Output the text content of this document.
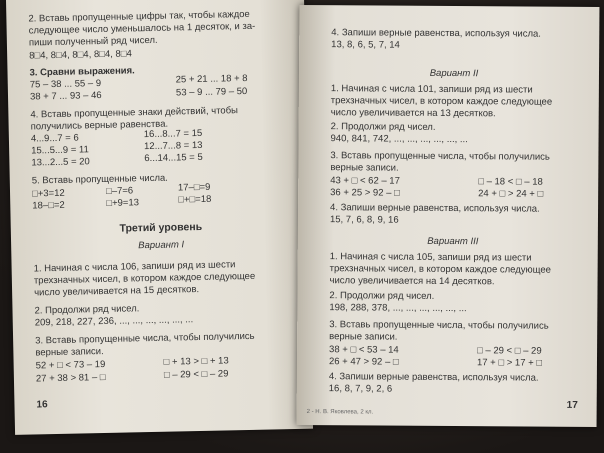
2. Вставь пропущенные цифры так, чтобы каждое
следующее число уменьшалось на 1 десяток, и за-
пиши полученный ряд чисел.
8□4, 8□4, 8□4, 8□4, 8□4
3. Сравни выражения.
75 – 38 ... 55 – 9	25 + 21 ... 18 + 8
38 + 7 ... 93 – 46	53 – 9 ... 79 – 50
4. Вставь пропущенные знаки действий, чтобы
получились верные равенства.
4...9...7 = 6	16...8...7 = 15
15...5...9 = 11	12...7...8 = 13
13...2...5 = 20	6...14...15 = 5
5. Вставь пропущенные числа.
□+3=12	□–7=6	17–□=9
18–□=2	□+9=13	□+□=18
Третий уровень
Вариант I
1. Начиная с числа 106, запиши ряд из шести
трехзначных чисел, в котором каждое следующее
число увеличивается на 15 десятков.
2. Продолжи ряд чисел.
209, 218, 227, 236, ..., ..., ..., ..., ..., ...
3. Вставь пропущенные числа, чтобы получились
верные записи.
52 + □ < 73 – 19	□ + 13 > □ + 13
27 + 38 > 81 – □	□ – 29 < □ – 29
16
4. Запиши верные равенства, используя числа.
13, 8, 6, 5, 7, 14
Вариант II
1. Начиная с числа 101, запиши ряд из шести
трехзначных чисел, в котором каждое следующее
число увеличивается на 13 десятков.
2. Продолжи ряд чисел.
940, 841, 742, ..., ..., ..., ..., ..., ...
3. Вставь пропущенные числа, чтобы получились
верные записи.
43 + □ < 62 – 17	□ – 18 < □ – 18
36 + 25 > 92 – □	24 + □ > 24 + □
4. Запиши верные равенства, используя числа.
15, 7, 6, 8, 9, 16
Вариант III
1. Начиная с числа 105, запиши ряд из шести
трехзначных чисел, в котором каждое следующее
число увеличивается на 14 десятков.
2. Продолжи ряд чисел.
198, 288, 378, ..., ..., ..., ..., ..., ...
3. Вставь пропущенные числа, чтобы получились
верные записи.
38 + □ < 53 – 14	□ – 29 < □ – 29
26 + 47 > 92 – □	17 + □ > 17 + □
4. Запиши верные равенства, используя числа.
16, 8, 7, 9, 2, 6
2 - Н. В. Яковлева, 2 кл.
17
